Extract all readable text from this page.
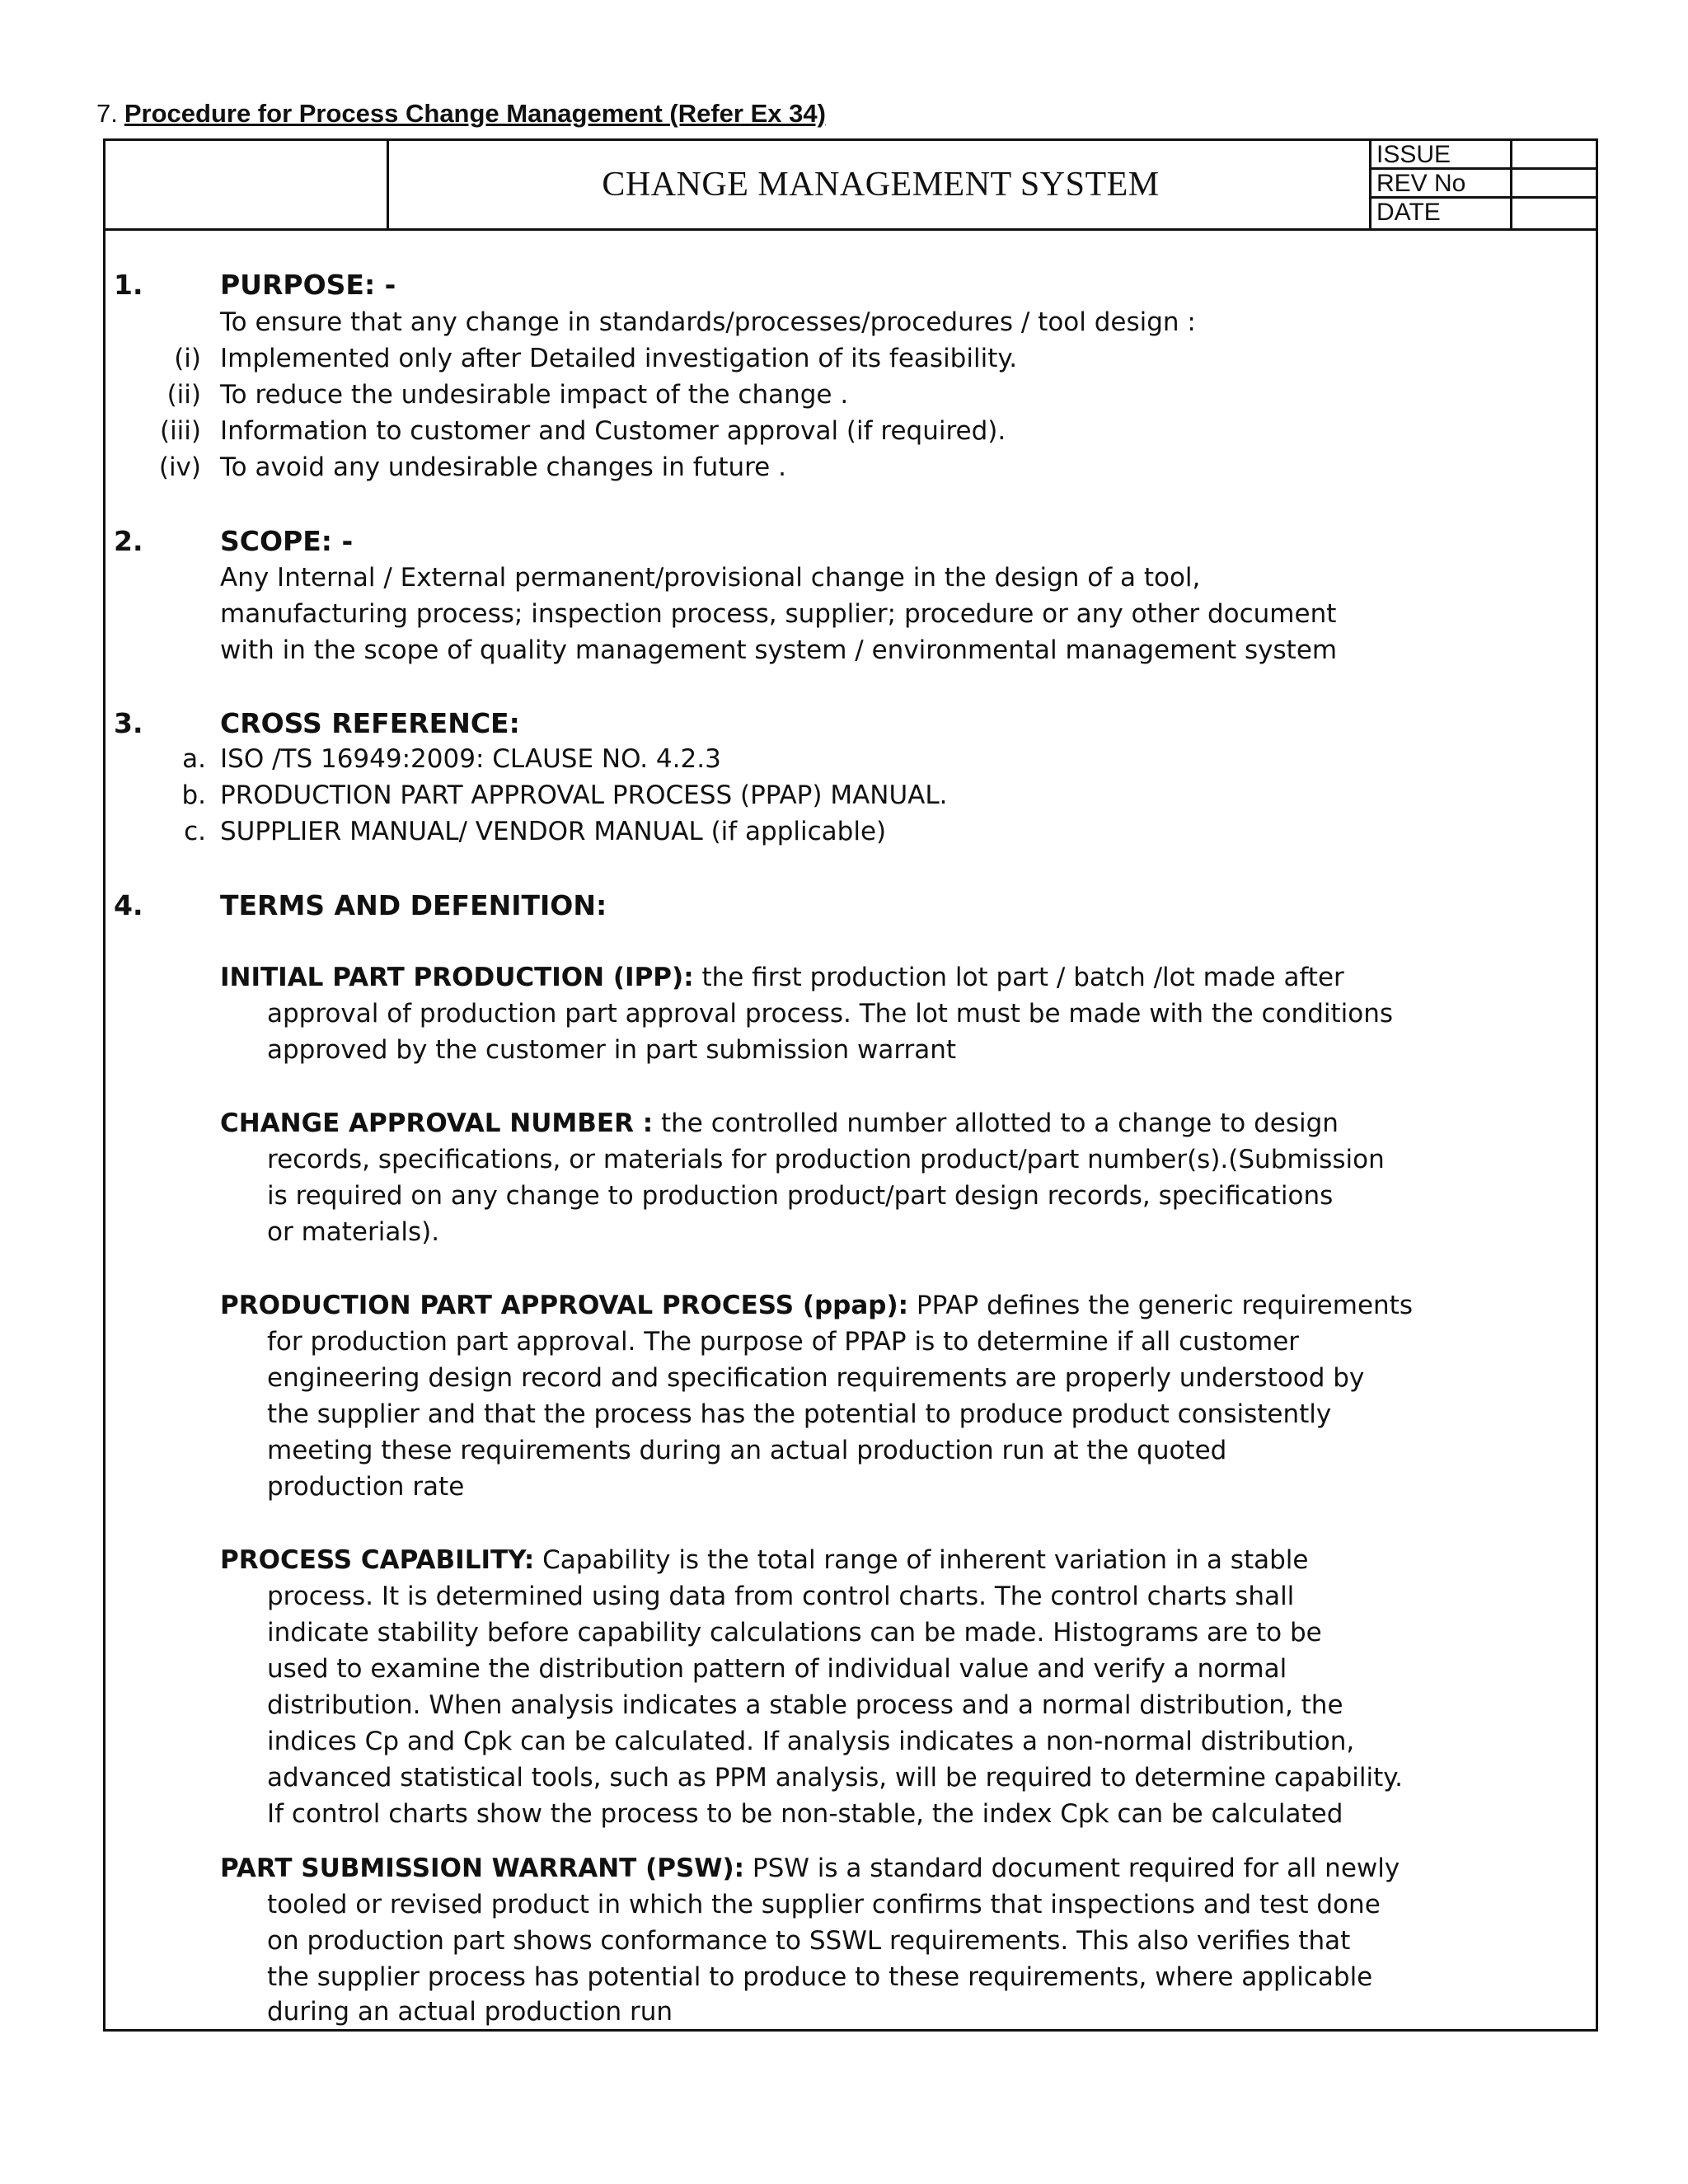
7. Procedure for Process Change Management (Refer Ex 34)
CHANGE MANAGEMENT SYSTEM
ISSUE
REV No
DATE
1.	PURPOSE: -
To ensure that any change in standards/processes/procedures / tool design :
(i) Implemented only after Detailed investigation of its feasibility.
(ii) To reduce the undesirable impact of the change .
(iii) Information to customer and Customer approval (if required).
(iv) To avoid any undesirable changes in future .
2.	SCOPE: -
Any Internal / External permanent/provisional change in the design of a tool,
manufacturing process; inspection process, supplier; procedure or any other document
with in the scope of quality management system / environmental management system
3.	CROSS REFERENCE:
a. ISO /TS 16949:2009: CLAUSE NO. 4.2.3
b. PRODUCTION PART APPROVAL PROCESS (PPAP) MANUAL.
c. SUPPLIER MANUAL/ VENDOR MANUAL (if applicable)
4.	TERMS AND DEFENITION:
INITIAL PART PRODUCTION (IPP): the first production lot part / batch /lot made after
approval of production part approval process. The lot must be made with the conditions
approved by the customer in part submission warrant
CHANGE APPROVAL NUMBER : the controlled number allotted to a change to design
records, specifications, or materials for production product/part number(s).(Submission
is required on any change to production product/part design records, specifications
or materials).
PRODUCTION PART APPROVAL PROCESS (ppap): PPAP defines the generic requirements
for production part approval. The purpose of PPAP is to determine if all customer
engineering design record and specification requirements are properly understood by
the supplier and that the process has the potential to produce product consistently
meeting these requirements during an actual production run at the quoted
production rate
PROCESS CAPABILITY: Capability is the total range of inherent variation in a stable
process. It is determined using data from control charts. The control charts shall
indicate stability before capability calculations can be made. Histograms are to be
used to examine the distribution pattern of individual value and verify a normal
distribution. When analysis indicates a stable process and a normal distribution, the
indices Cp and Cpk can be calculated. If analysis indicates a non-normal distribution,
advanced statistical tools, such as PPM analysis, will be required to determine capability.
If control charts show the process to be non-stable, the index Cpk can be calculated
PART SUBMISSION WARRANT (PSW): PSW is a standard document required for all newly
tooled or revised product in which the supplier confirms that inspections and test done
on production part shows conformance to SSWL requirements. This also verifies that
the supplier process has potential to produce to these requirements, where applicable
during an actual production run
